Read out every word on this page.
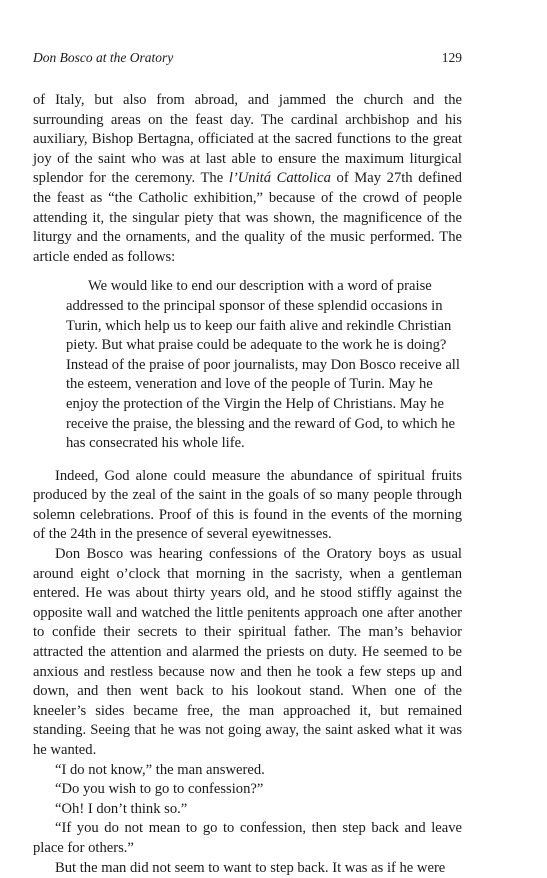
Don Bosco at the Oratory	129

of Italy, but also from abroad, and jammed the church and the surrounding areas on the feast day. The cardinal archbishop and his auxiliary, Bishop Bertagna, officiated at the sacred functions to the great joy of the saint who was at last able to ensure the maximum liturgical splendor for the ceremony. The l’Unitá Cattolica of May 27th defined the feast as “the Catholic exhibition,” because of the crowd of people attending it, the singular piety that was shown, the magnificence of the liturgy and the ornaments, and the quality of the music performed. The article ended as follows:

We would like to end our description with a word of praise addressed to the principal sponsor of these splendid occasions in Turin, which help us to keep our faith alive and rekindle Christian piety. But what praise could be adequate to the work he is doing? Instead of the praise of poor journalists, may Don Bosco receive all the esteem, veneration and love of the people of Turin. May he enjoy the protection of the Virgin the Help of Christians. May he receive the praise, the blessing and the reward of God, to which he has consecrated his whole life.

Indeed, God alone could measure the abundance of spiritual fruits produced by the zeal of the saint in the goals of so many people through solemn celebrations. Proof of this is found in the events of the morning of the 24th in the presence of several eyewitnesses.

Don Bosco was hearing confessions of the Oratory boys as usual around eight o’clock that morning in the sacristy, when a gentleman entered. He was about thirty years old, and he stood stiffly against the opposite wall and watched the little penitents approach one after another to confide their secrets to their spiritual father. The man’s behavior attracted the attention and alarmed the priests on duty. He seemed to be anxious and restless because now and then he took a few steps up and down, and then went back to his lookout stand. When one of the kneeler’s sides became free, the man approached it, but remained standing. Seeing that he was not going away, the saint asked what it was he wanted.

“I do not know,” the man answered.

“Do you wish to go to confession?”

“Oh! I don’t think so.”

“If you do not mean to go to confession, then step back and leave place for others.”

But the man did not seem to want to step back. It was as if he were
